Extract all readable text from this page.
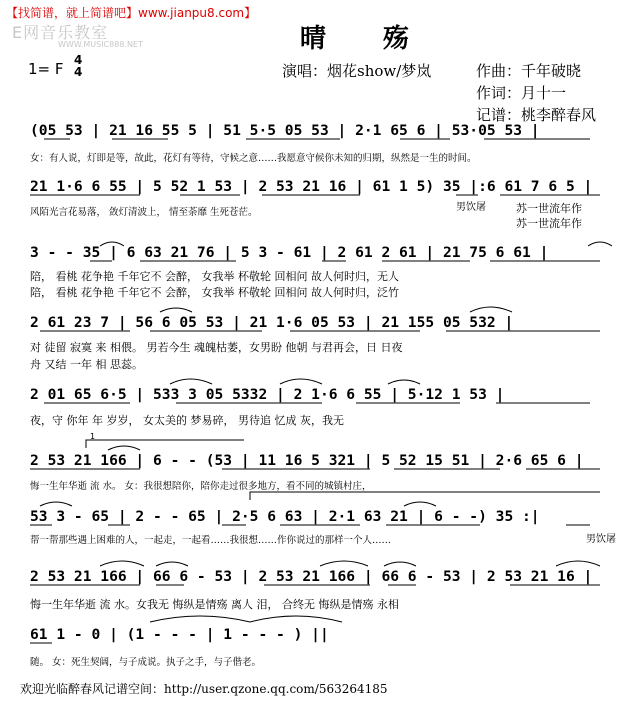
【找简谱，就上简谱吧】www.jianpu8.com】
E网音乐教室
WWW.MUSIC888.NET	晴 殇
1= F 4
4	演唱：烟花show/梦岚	作曲：千年破晓
作词：月十一
记谱：桃李醉春风
(05 53 | 21 16 55 5 | 51 5·5 05 53 | 2·1 65 6 | 53·05 53 |
女：有人说，灯即是等，故此，花灯有等待，守候之意……我愿意守候你未知的归期，纵然是一生的时间。
21 1·6 6 55 | 5 52 1 53 | 2 53 21 16 | 61 1 5) 35 |:6 61 7 6 5 |
风陌光言花易落， 敛灯清波上， 情至荼靡 生死苍茫。	男饮屠	苏一世流年作
苏一世流年作
3 - - 35 | 6 63 21 76 | 5 3 - 61 | 2 61 2 61 | 21 75 6 61 |
陪， 看桃 花争艳 千年它不 会醉， 女我举 杯敬轮 回相问 故人何时归，无人
陪， 看桃 花争艳 千年它不 会醉， 女我举 杯敬轮 回相问 故人何时归，泛竹
2 61 23 7 | 56 6 05 53 | 21 1·6 05 53 | 21 155 05 532 |
对 徒留 寂寞 来 相偎。 男若今生 魂魄枯萎，女男盼 他朝 与君再会，日 日夜
舟 又结 一年 相 思蕊。
2 01 65 6·5 | 533 3 05 5332 | 2 1·6 6 55 | 5·12 1 53 |
夜，守 你年 年 岁岁， 女太美的 梦易碎， 男待追 忆成 灰，我无
2 53 21 166 | 6 - - (53 | 11 16 5 321 | 5 52 15 51 | 2·6 65 6 |
悔一生年华逝 流 水。 女：我很想陪你，陪你走过很多地方，看不同的城镇村庄，
53 3 - 65 | 2 - - 65 | 2·5 6 63 | 2·1 63 21 | 6 - -) 35 :|
帮一帮那些遇上困难的人，一起走，一起看……我很想……作你说过的那样一个人……	男饮屠
2 53 21 166 | 66 6 - 53 | 2 53 21 166 | 66 6 - 53 | 2 53 21 16 |
悔一生年华逝 流 水。女我无 悔纵是情殇 离人 泪， 合终无 悔纵是情殇 永相
61 1 - 0 | (1 - - - | 1 - - - ) ||
随。 女：死生契阔，与子成说。执子之手，与子偕老。
欢迎光临醉春风记谱空间：http://user.qzone.qq.com/563264185
1
